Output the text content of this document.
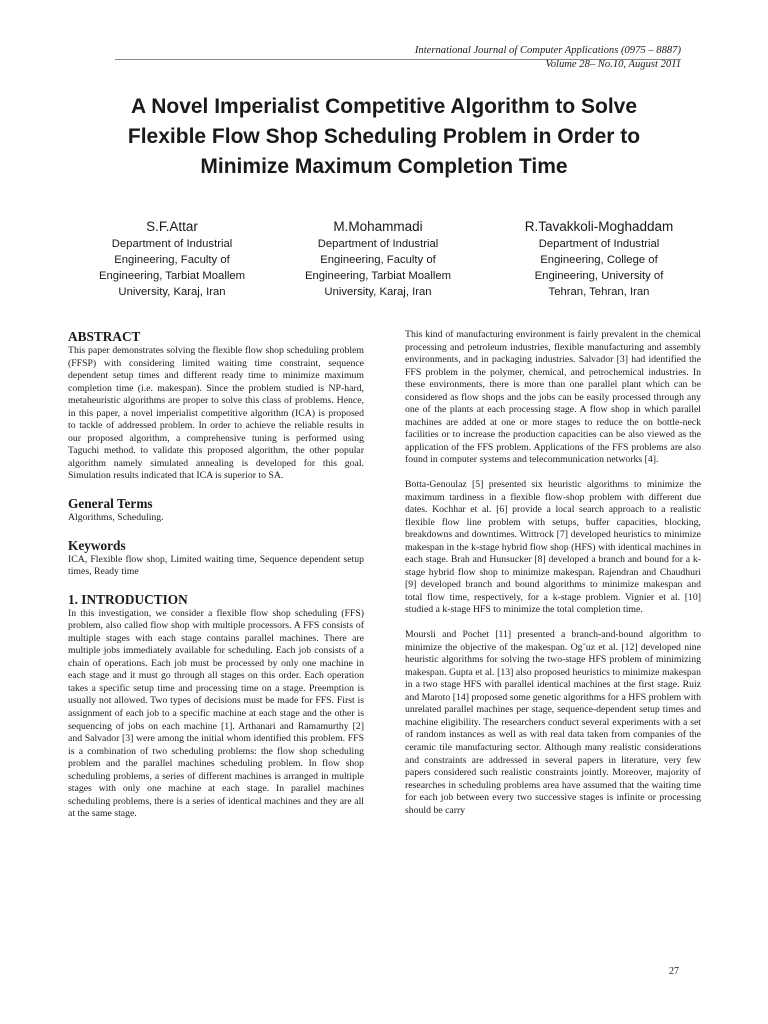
International Journal of Computer Applications (0975 – 8887)
Volume 28– No.10, August 2011
A Novel Imperialist Competitive Algorithm to Solve
Flexible Flow Shop Scheduling Problem in Order to
Minimize Maximum Completion Time
S.F.Attar
Department of Industrial
Engineering, Faculty of
Engineering, Tarbiat Moallem
University, Karaj, Iran
M.Mohammadi
Department of Industrial
Engineering, Faculty of
Engineering, Tarbiat Moallem
University, Karaj, Iran
R.Tavakkoli-Moghaddam
Department of Industrial
Engineering, College of
Engineering, University of
Tehran, Tehran, Iran
ABSTRACT

This paper demonstrates solving the flexible flow shop scheduling problem (FFSP) with considering limited waiting time constraint, sequence dependent setup times and different ready time to minimize maximum completion time (i.e. makespan). Since the problem studied is NP-hard, metaheuristic algorithms are proper to solve this class of problems. Hence, in this paper, a novel imperialist competitive algorithm (ICA) is proposed to tackle of addressed problem. In order to achieve the reliable results in our proposed algorithm, a comprehensive tuning is performed using Taguchi method. to validate this proposed algorithm, the other popular algorithm namely simulated annealing is developed for this goal. Simulation results indicated that ICA is superior to SA.

General Terms

Algorithms, Scheduling.

Keywords

ICA, Flexible flow shop, Limited waiting time, Sequence dependent setup times, Ready time

1. INTRODUCTION

In this investigation, we consider a flexible flow shop scheduling (FFS) problem, also called flow shop with multiple processors. A FFS consists of multiple stages with each stage contains parallel machines. There are multiple jobs immediately available for scheduling. Each job consists of a chain of operations. Each job must be processed by only one machine in each stage and it must go through all stages on this order. Each operation takes a specific setup time and processing time on a stage. Preemption is usually not allowed. Two types of decisions must be made for FFS. First is assignment of each job to a specific machine at each stage and the other is sequencing of jobs on each machine [1]. Arthanari and Ramamurthy [2] and Salvador [3] were among the initial whom identified this problem. FFS is a combination of two scheduling problems: the flow shop scheduling problem and the parallel machines scheduling problem. In flow shop scheduling problems, a series of different machines is arranged in multiple stages with only one machine at each stage. In parallel machines scheduling problems, there is a series of identical machines and they are all at the same stage.

This kind of manufacturing environment is fairly prevalent in the chemical processing and petroleum industries, flexible manufacturing and assembly environments, and in packaging industries. Salvador [3] had identified the FFS problem in the polymer, chemical, and petrochemical industries. In these environments, there is more than one parallel plant which can be considered as flow shops and the jobs can be easily processed through any one of the plants at each processing stage. A flow shop in which parallel machines are added at one or more stages to reduce the on bottle-neck facilities or to increase the production capacities can be also viewed as the application of the FFS problem. Applications of the FFS problems are also found in computer systems and telecommunication networks [4].

Botta-Genoulaz [5] presented six heuristic algorithms to minimize the maximum tardiness in a flexible flow-shop problem with different due dates. Kochhar et al. [6] provide a local search approach to a realistic flexible flow line problem with setups, buffer capacities, blocking, breakdowns and downtimes. Wittrock [7] developed heuristics to minimize makespan in the k-stage hybrid flow shop (HFS) with identical machines in each stage. Brah and Hunsucker [8] developed a branch and bound for a k-stage hybrid flow shop to minimize makespan. Rajendran and Chaudhuri [9] developed branch and bound algorithms to minimize makespan and total flow time, respectively, for a k-stage problem. Vignier et al. [10] studied a k-stage HFS to minimize the total completion time.

Moursli and Pochet [11] presented a branch-and-bound algorithm to minimize the objective of the makespan. Og˘uz et al. [12] developed nine heuristic algorithms for solving the two-stage HFS problem of minimizing makespan. Gupta et al. [13] also proposed heuristics to minimize makespan in a two stage HFS with parallel identical machines at the first stage. Ruiz and Maroto [14] proposed some genetic algorithms for a HFS problem with unrelated parallel machines per stage, sequence-dependent setup times and machine eligibility. The researchers conduct several experiments with a set of random instances as well as with real data taken from companies of the ceramic tile manufacturing sector. Although many realistic considerations and constraints are addressed in several papers in literature, very few papers considered such realistic constraints jointly. Moreover, majority of researches in scheduling problems area have assumed that the waiting time for each job between every two successive stages is infinite or processing should be carry

27
